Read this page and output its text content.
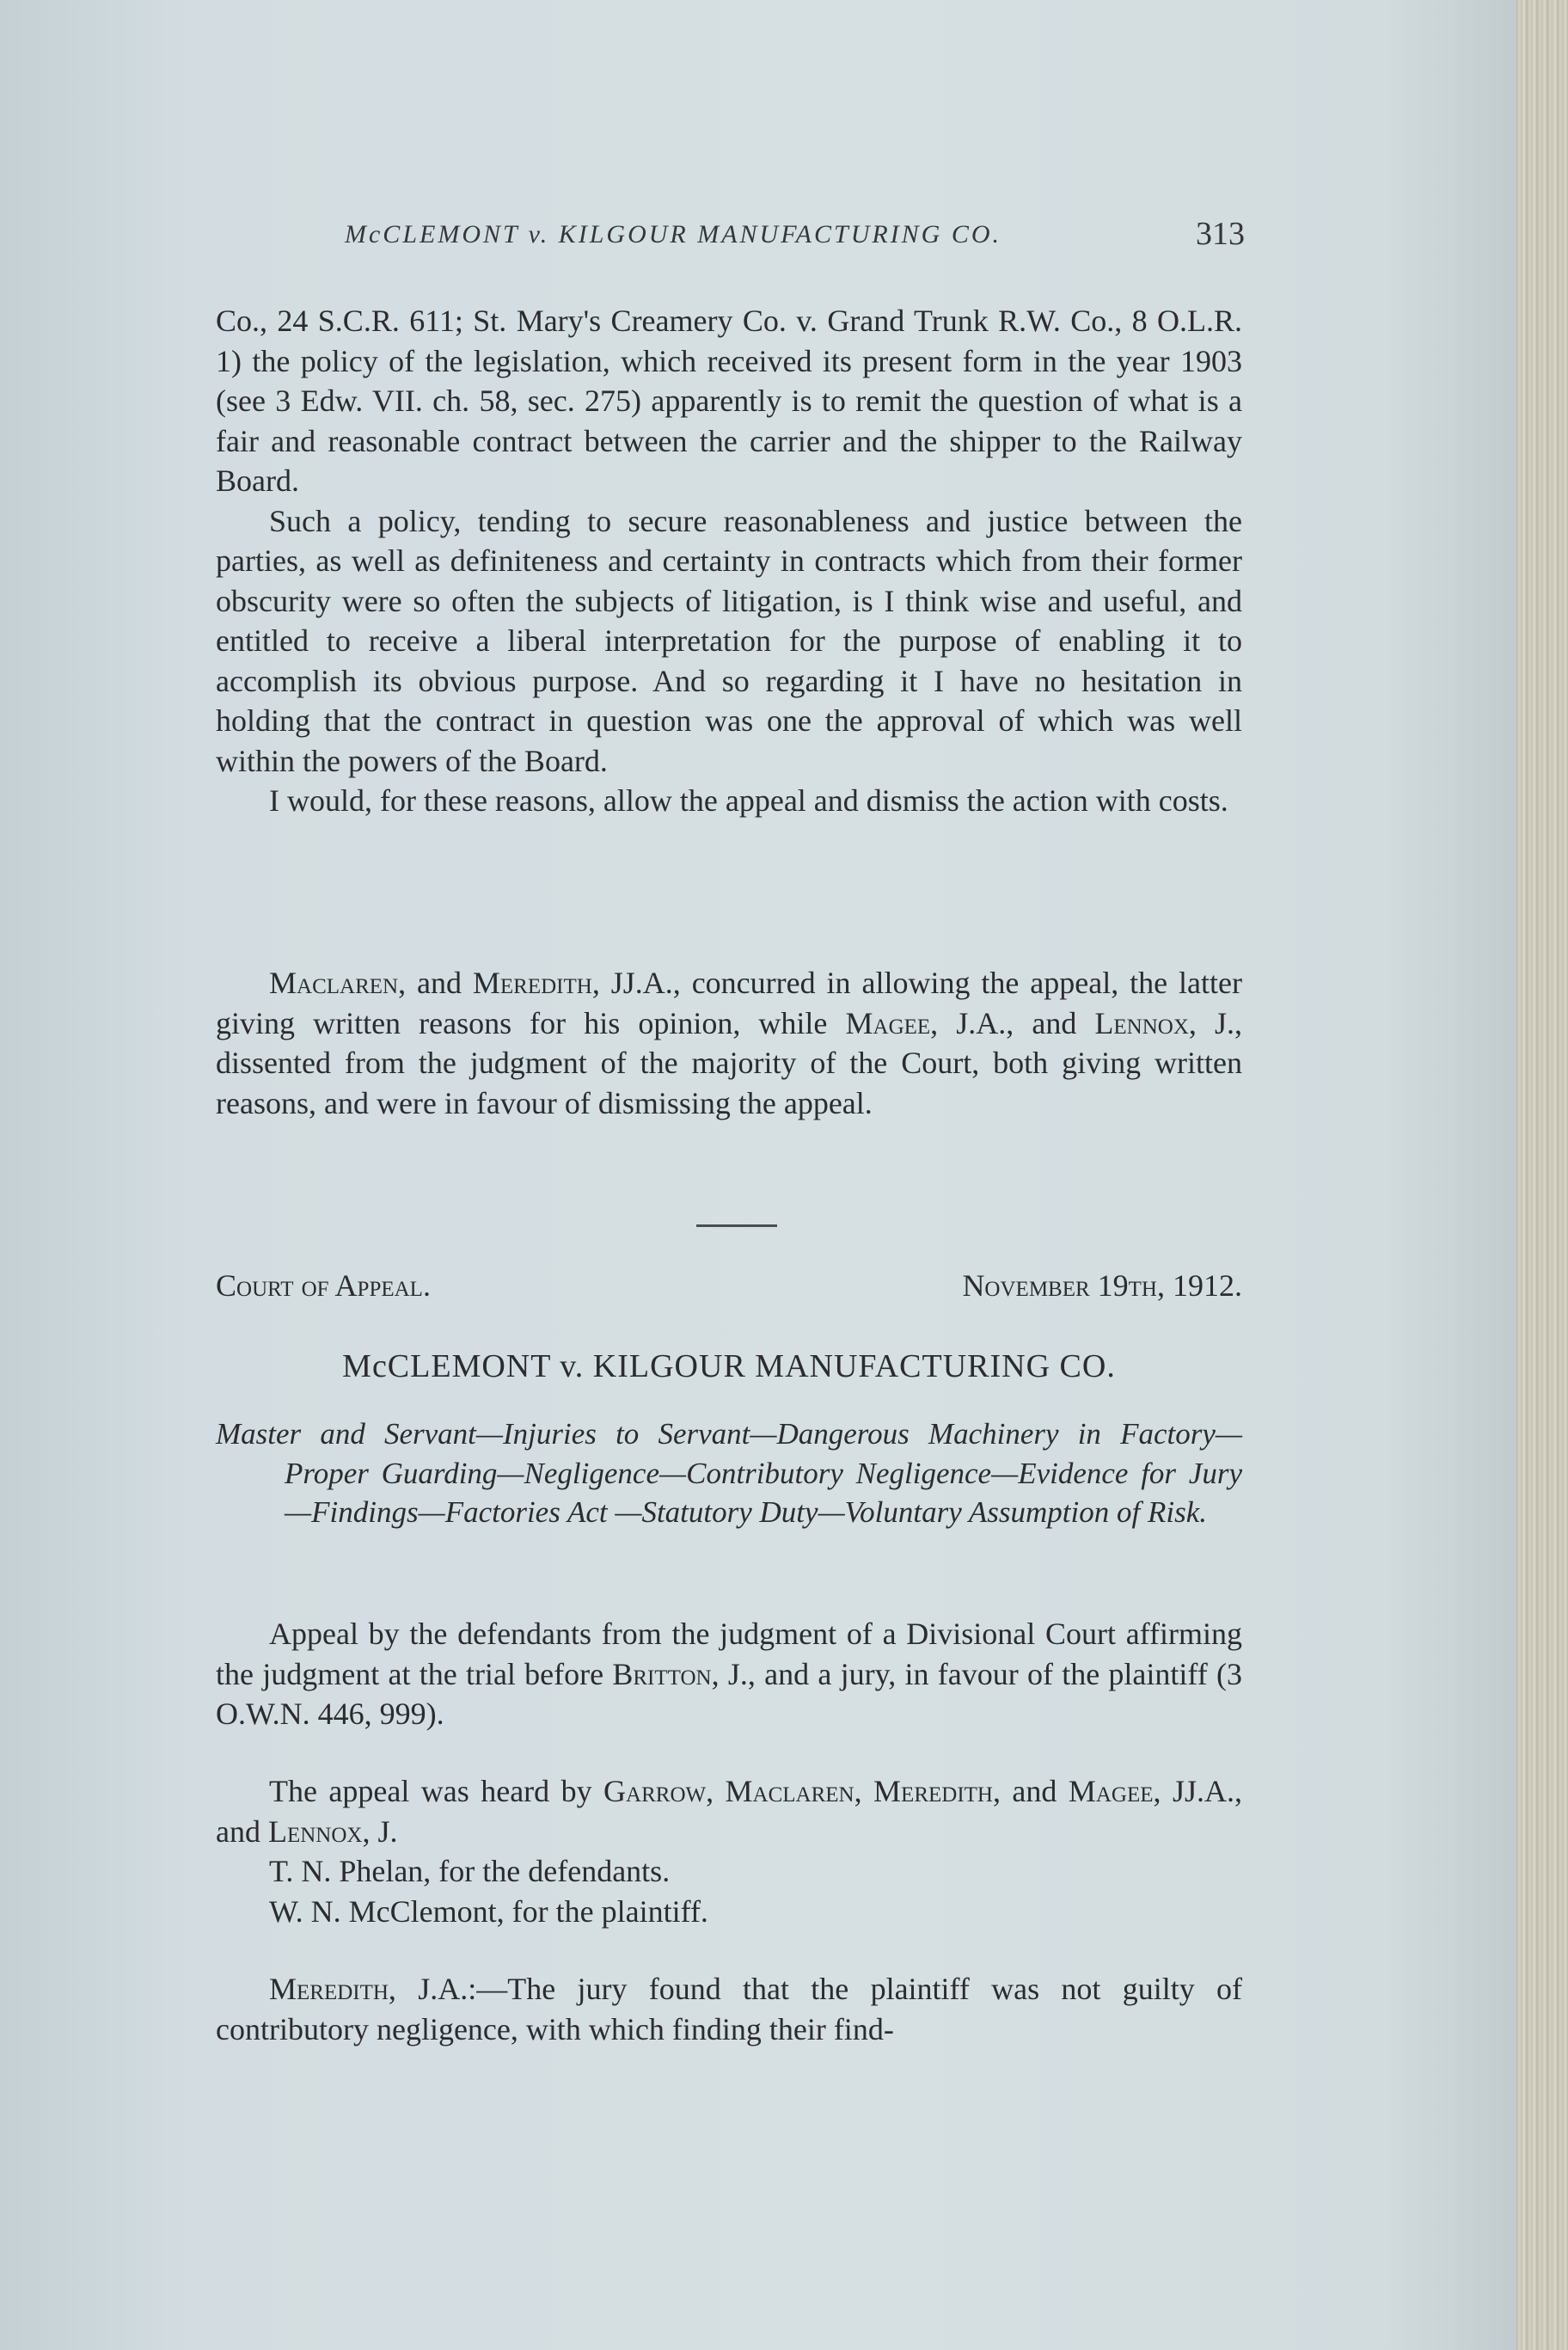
McCLEMONT v. KILGOUR MANUFACTURING CO.	313

Co., 24 S.C.R. 611; St. Mary's Creamery Co. v. Grand Trunk R.W. Co., 8 O.L.R. 1) the policy of the legislation, which received its present form in the year 1903 (see 3 Edw. VII. ch. 58, sec. 275) apparently is to remit the question of what is a fair and reasonable contract between the carrier and the shipper to the Railway Board.

Such a policy, tending to secure reasonableness and justice between the parties, as well as definiteness and certainty in contracts which from their former obscurity were so often the subjects of litigation, is I think wise and useful, and entitled to receive a liberal interpretation for the purpose of enabling it to accomplish its obvious purpose. And so regarding it I have no hesitation in holding that the contract in question was one the approval of which was well within the powers of the Board.

I would, for these reasons, allow the appeal and dismiss the action with costs.

Maclaren, and Meredith, JJ.A., concurred in allowing the appeal, the latter giving written reasons for his opinion, while Magee, J.A., and Lennox, J., dissented from the judgment of the majority of the Court, both giving written reasons, and were in favour of dismissing the appeal.

Court of Appeal.	November 19th, 1912.
McCLEMONT v. KILGOUR MANUFACTURING CO.

Master and Servant—Injuries to Servant—Dangerous Machinery in Factory—Proper Guarding—Negligence—Contributory Negligence—Evidence for Jury—Findings—Factories Act —Statutory Duty—Voluntary Assumption of Risk.

Appeal by the defendants from the judgment of a Divisional Court affirming the judgment at the trial before Britton, J., and a jury, in favour of the plaintiff (3 O.W.N. 446, 999).

The appeal was heard by Garrow, Maclaren, Meredith, and Magee, JJ.A., and Lennox, J.

T. N. Phelan, for the defendants.

W. N. McClemont, for the plaintiff.

Meredith, J.A.:—The jury found that the plaintiff was not guilty of contributory negligence, with which finding their find-
